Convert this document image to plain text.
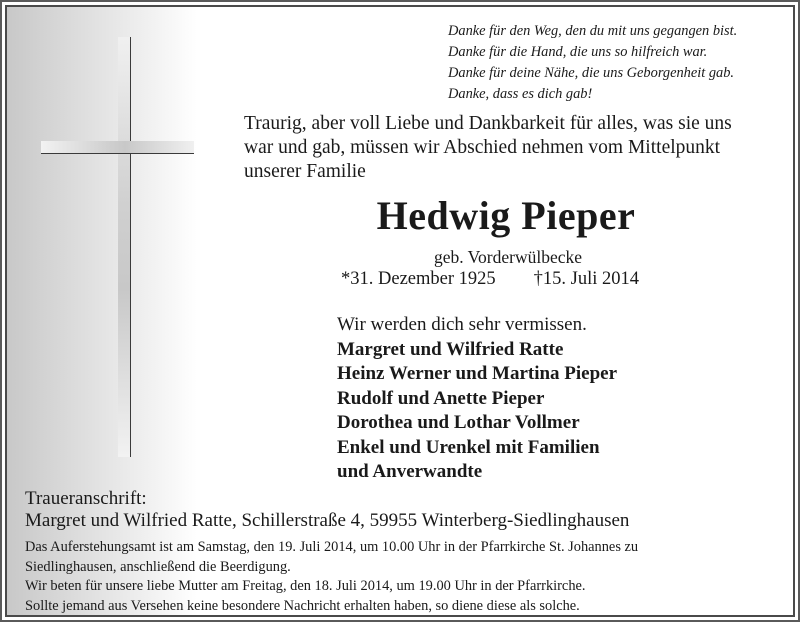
Danke für den Weg, den du mit uns gegangen bist.
Danke für die Hand, die uns so hilfreich war.
Danke für deine Nähe, die uns Geborgenheit gab.
Danke, dass es dich gab!
Traurig, aber voll Liebe und Dankbarkeit für alles, was sie uns
war und gab, müssen wir Abschied nehmen vom Mittelpunkt
unserer Familie
Hedwig Pieper
geb. Vorderwülbecke
*31. Dezember 1925 †15. Juli 2014
Wir werden dich sehr vermissen.
Margret und Wilfried Ratte
Heinz Werner und Martina Pieper
Rudolf und Anette Pieper
Dorothea und Lothar Vollmer
Enkel und Urenkel mit Familien
und Anverwandte
Traueranschrift:
Margret und Wilfried Ratte, Schillerstraße 4, 59955 Winterberg-Siedlinghausen
Das Auferstehungsamt ist am Samstag, den 19. Juli 2014, um 10.00 Uhr in der Pfarrkirche St. Johannes zu
Siedlinghausen, anschließend die Beerdigung.
Wir beten für unsere liebe Mutter am Freitag, den 18. Juli 2014, um 19.00 Uhr in der Pfarrkirche.
Sollte jemand aus Versehen keine besondere Nachricht erhalten haben, so diene diese als solche.
